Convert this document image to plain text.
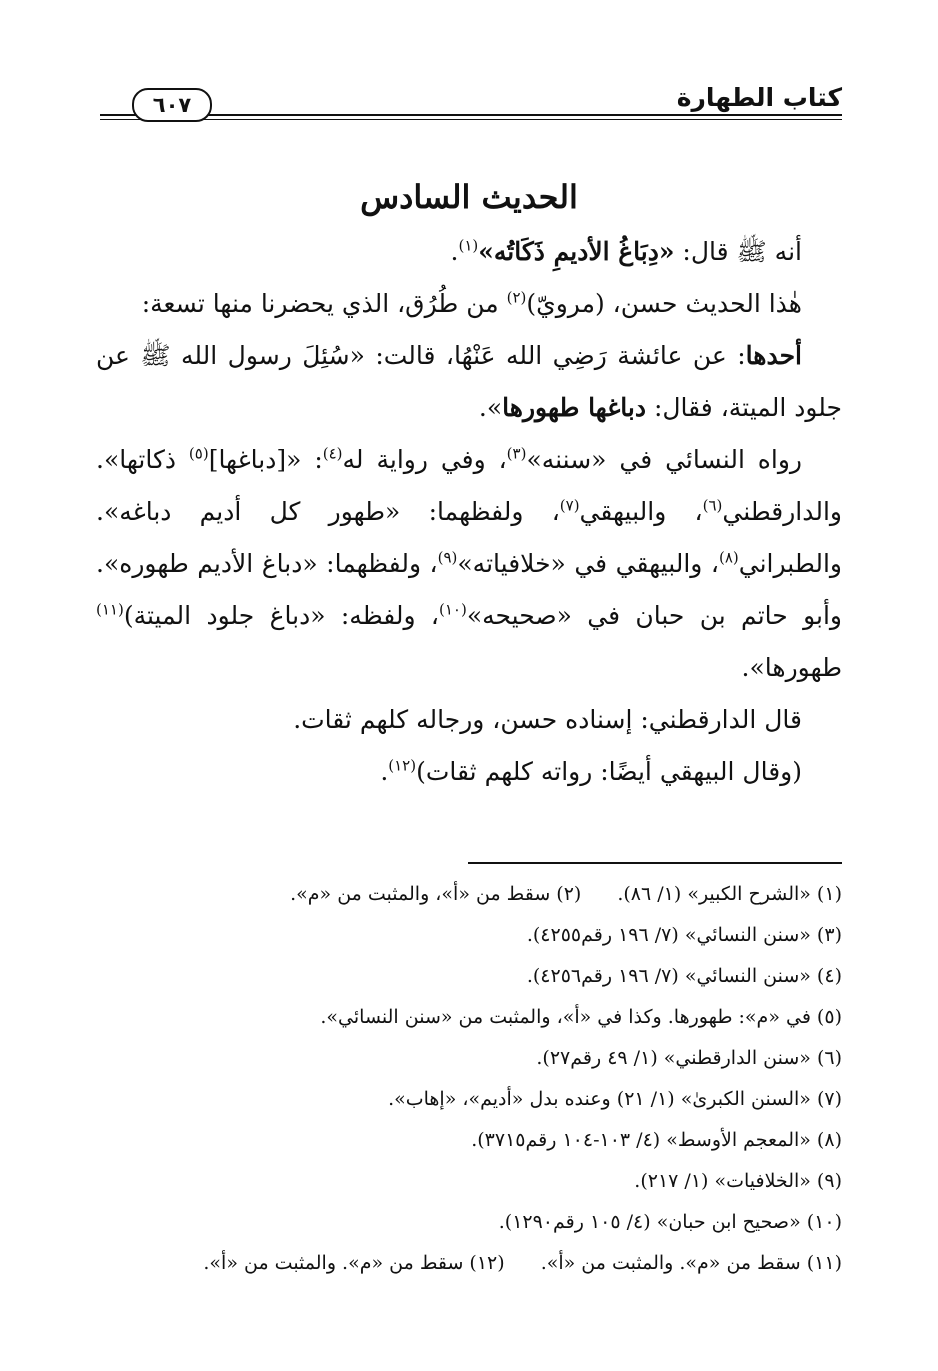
كتاب الطهارة
٦٠٧
الحديث السادس

أنه ﷺ قال: «دِبَاغُ الأديمِ ذَكَاتُه»$^{(١)}$.

هٰذا الحديث حسن، (مرويّ)$^{(٢)}$ من طُرُق، الذي يحضرنا منها تسعة:

أحدها: عن عائشة رَضِي الله عَنْهُا، قالت: «سُئِلَ رسول الله ﷺ عن جلود الميتة، فقال: دباغها طهورها».

رواه النسائي في «سننه»$^{(٣)}$، وفي رواية له$^{(٤)}$: «[دباغها]$^{(٥)}$ ذكاتها». والدارقطني$^{(٦)}$، والبيهقي$^{(٧)}$، ولفظهما: «طهور كل أديم دباغه». والطبراني$^{(٨)}$، والبيهقي في «خلافياته»$^{(٩)}$، ولفظهما: «دباغ الأديم طهوره». وأبو حاتم بن حبان في «صحيحه»$^{(١٠)}$، ولفظه: «دباغ جلود الميتة)$^{(١١)}$ طهورها».

قال الدارقطني: إسناده حسن، ورجاله كلهم ثقات.

(وقال البيهقي أيضًا: رواته كلهم ثقات)$^{(١٢)}$.

(١) «الشرح الكبير» (١/ ٨٦).(٢) سقط من «أ»، والمثبت من «م».
(٣) «سنن النسائي» (٧/ ١٩٦ رقم٤٢٥٥).
(٤) «سنن النسائي» (٧/ ١٩٦ رقم٤٢٥٦).
(٥) في «م»: طهورها. وكذا في «أ»، والمثبت من «سنن النسائي».
(٦) «سنن الدارقطني» (١/ ٤٩ رقم٢٧).
(٧) «السنن الكبرىٰ» (١/ ٢١) وعنده بدل «أديم»، «إهاب».
(٨) «المعجم الأوسط» (٤/ ١٠٣-١٠٤ رقم٣٧١٥).
(٩) «الخلافيات» (١/ ٢١٧).
(١٠) «صحيح ابن حبان» (٤/ ١٠٥ رقم١٢٩٠).
(١١) سقط من «م». والمثبت من «أ».(١٢) سقط من «م». والمثبت من «أ».
